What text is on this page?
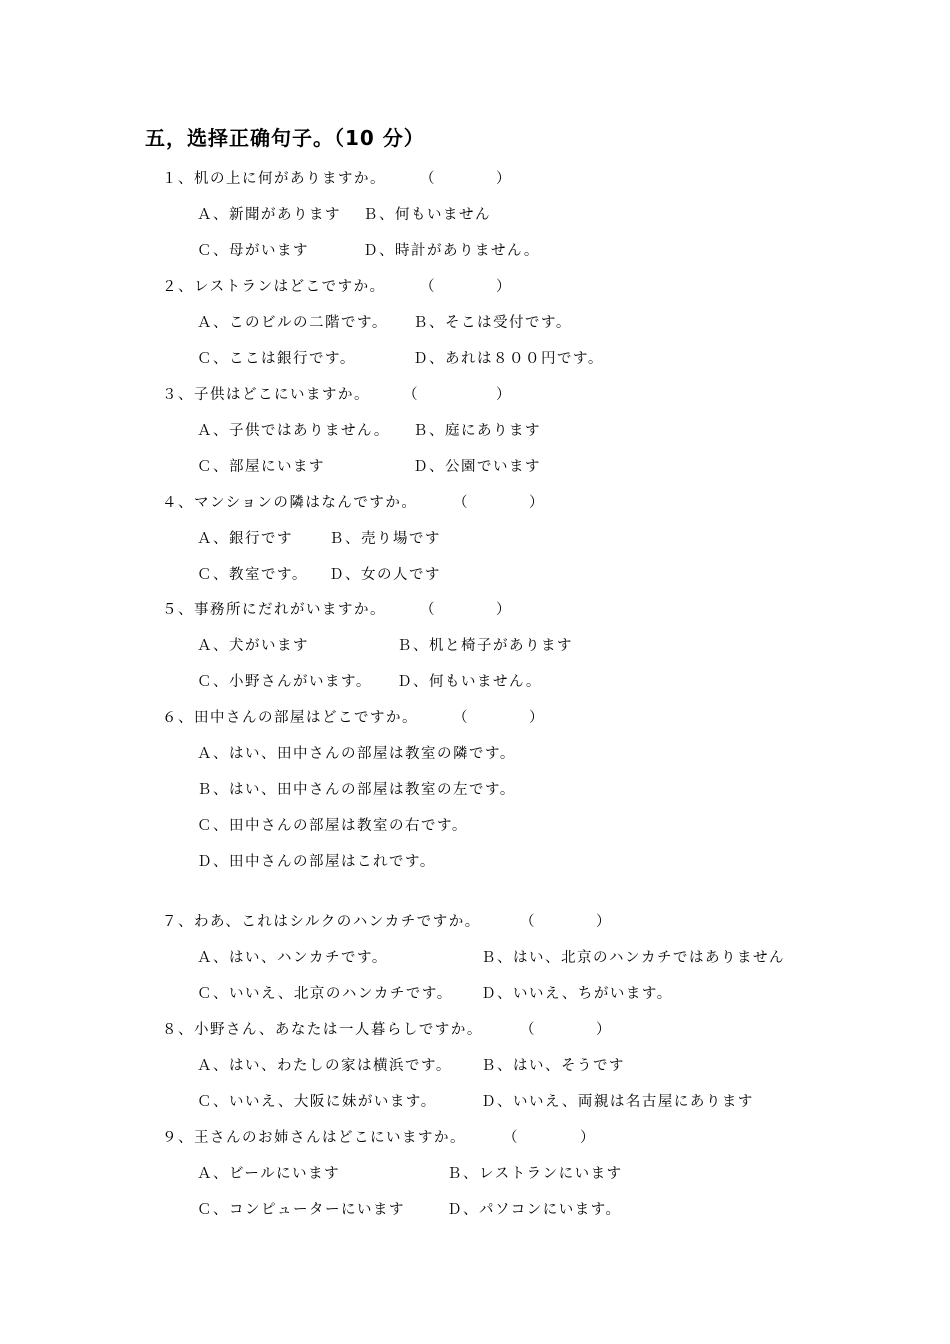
五，选择正确句子。（10 分）
１、机の上に何がありますか。 （	）
Ａ、新聞があります Ｂ、何もいません
Ｃ、母がいます	Ｄ、時計がありません。
２、レストランはどこですか。 （	）
Ａ、このビルの二階です。 Ｂ、そこは受付です。
Ｃ、ここは銀行です。	Ｄ、あれは８００円です。
３、子供はどこにいますか。 （	）
Ａ、子供ではありません。 Ｂ、庭にあります
Ｃ、部屋にいます	Ｄ、公園でいます
４、マンションの隣はなんですか。 （	）
Ａ、銀行です Ｂ、売り場です
Ｃ、教室です。 Ｄ、女の人です
５、事務所にだれがいますか。 （	）
Ａ、犬がいます	Ｂ、机と椅子があります
Ｃ、小野さんがいます。 Ｄ、何もいません。
６、田中さんの部屋はどこですか。 （	）
Ａ、はい、田中さんの部屋は教室の隣です。
Ｂ、はい、田中さんの部屋は教室の左です。
Ｃ、田中さんの部屋は教室の右です。
Ｄ、田中さんの部屋はこれです。
７、わあ、これはシルクのハンカチですか。	（	）
Ａ、はい、ハンカチです。	Ｂ、はい、北京のハンカチではありません
Ｃ、いいえ、北京のハンカチです。 Ｄ、いいえ、ちがいます。
８、小野さん、あなたは一人暮らしですか。	（	）
Ａ、はい、わたしの家は横浜です。 Ｂ、はい、そうです
Ｃ、いいえ、大阪に妹がいます。	Ｄ、いいえ、両親は名古屋にあります
９、王さんのお姉さんはどこにいますか。	（	）
Ａ、ビールにいます	Ｂ、レストランにいます
Ｃ、コンピューターにいます	Ｄ、パソコンにいます。
